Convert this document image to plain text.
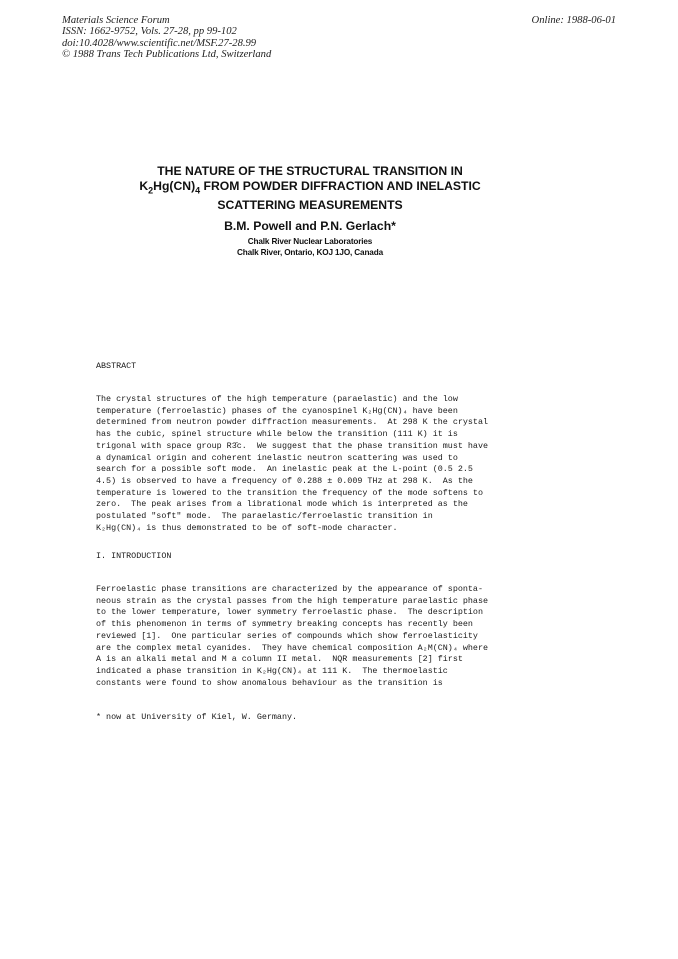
Materials Science Forum
ISSN: 1662-9752, Vols. 27-28, pp 99-102
doi:10.4028/www.scientific.net/MSF.27-28.99
© 1988 Trans Tech Publications Ltd, Switzerland
Online: 1988-06-01
THE NATURE OF THE STRUCTURAL TRANSITION IN
$K_2Hg(CN)_4$ FROM POWDER DIFFRACTION AND INELASTIC
SCATTERING MEASUREMENTS
B.M. Powell and P.N. Gerlach*
Chalk River Nuclear Laboratories
Chalk River, Ontario, KOJ 1JO, Canada
ABSTRACT
The crystal structures of the high temperature (paraelastic) and the low
temperature (ferroelastic) phases of the cyanospinel K₂Hg(CN)₄ have been
determined from neutron powder diffraction measurements.  At 298 K the crystal
has the cubic, spinel structure while below the transition (111 K) it is
trigonal with space group R3̄c.  We suggest that the phase transition must have
a dynamical origin and coherent inelastic neutron scattering was used to
search for a possible soft mode.  An inelastic peak at the L-point (0.5 2.5
4.5) is observed to have a frequency of 0.288 ± 0.009 THz at 298 K.  As the
temperature is lowered to the transition the frequency of the mode softens to
zero.  The peak arises from a librational mode which is interpreted as the
postulated "soft" mode.  The paraelastic/ferroelastic transition in
K₂Hg(CN)₄ is thus demonstrated to be of soft-mode character.
I. INTRODUCTION
Ferroelastic phase transitions are characterized by the appearance of sponta-
neous strain as the crystal passes from the high temperature paraelastic phase
to the lower temperature, lower symmetry ferroelastic phase.  The description
of this phenomenon in terms of symmetry breaking concepts has recently been
reviewed [1].  One particular series of compounds which show ferroelasticity
are the complex metal cyanides.  They have chemical composition A₂M(CN)₄ where
A is an alkali metal and M a column II metal.  NQR measurements [2] first
indicated a phase transition in K₂Hg(CN)₄ at 111 K.  The thermoelastic
constants were found to show anomalous behaviour as the transition is
* now at University of Kiel, W. Germany.
